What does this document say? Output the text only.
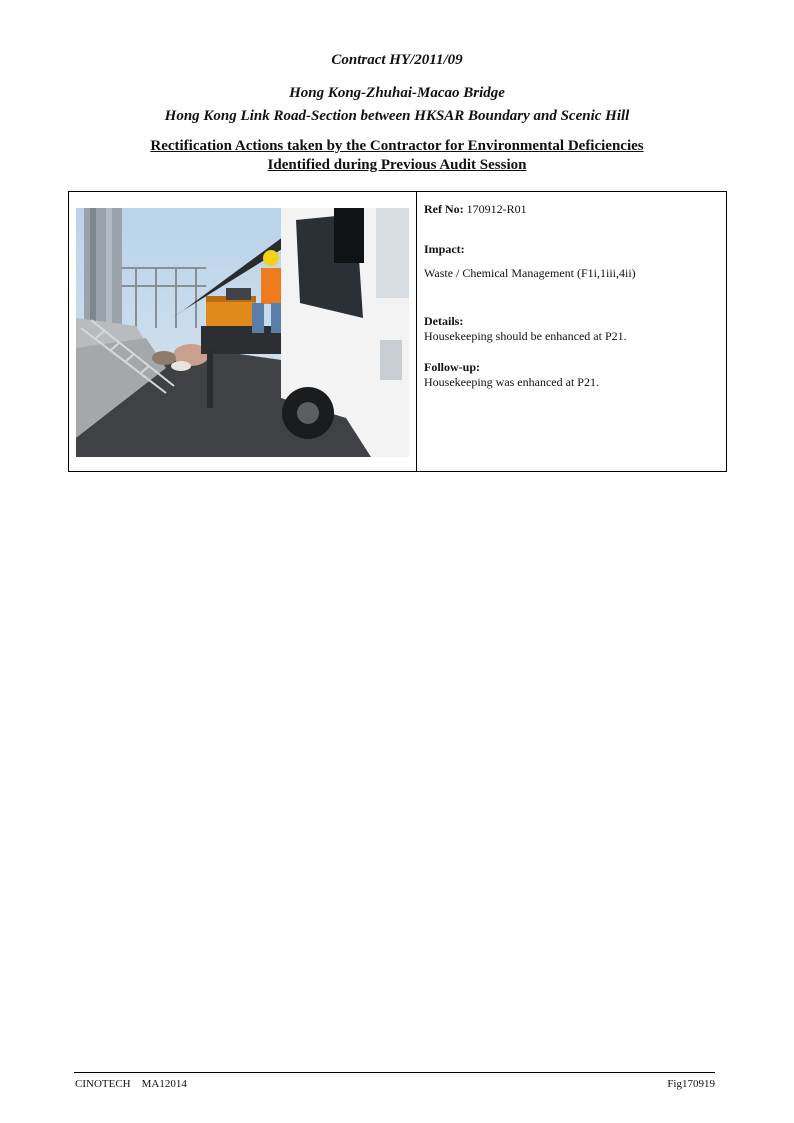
Contract HY/2011/09
Hong Kong-Zhuhai-Macao Bridge
Hong Kong Link Road-Section between HKSAR Boundary and Scenic Hill
Rectification Actions taken by the Contractor for Environmental Deficiencies
Identified during Previous Audit Session
Ref No: 170912-R01
Impact:
Waste / Chemical Management (F1i,1iii,4ii)
Details:
Housekeeping should be enhanced at P21.
Follow-up:
Housekeeping was enhanced at P21.
CINOTECH    MA12014	Fig170919
